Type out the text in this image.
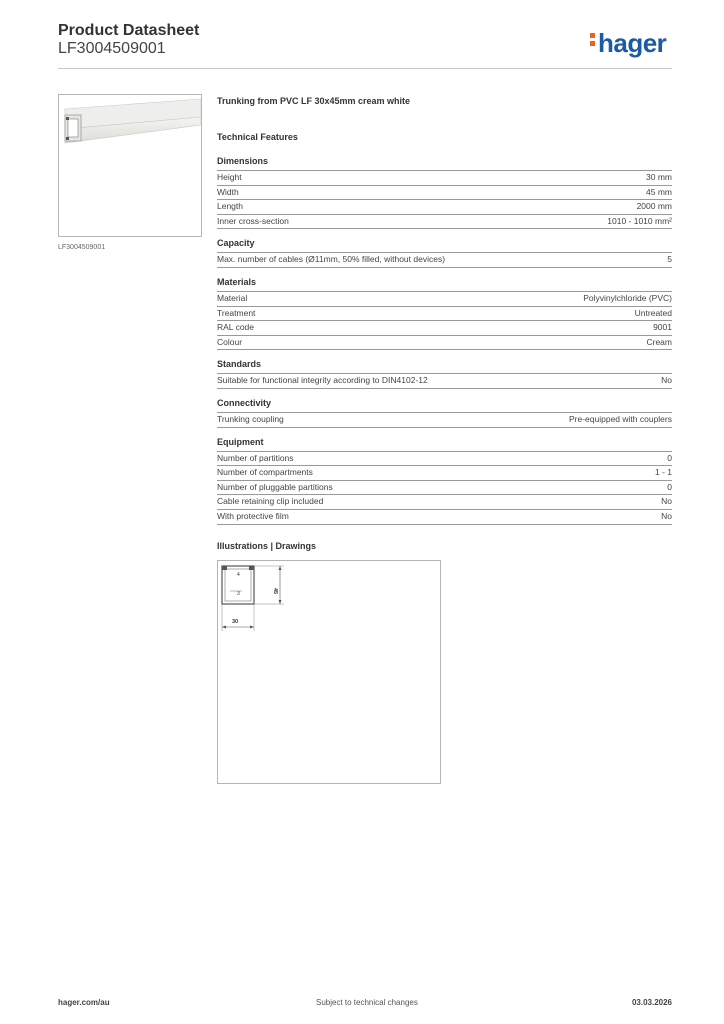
Product Datasheet
LF3004509001	hager
LF3004509001
Trunking from PVC LF 30x45mm cream white
Technical Features
Dimensions
Height	30 mm
Width	45 mm
Length	2000 mm
Inner cross-section	1010 - 1010 mm²
Capacity
Max. number of cables (Ø11mm, 50% filled, without devices)	5
Materials
Material	Polyvinylchloride (PVC)
Treatment	Untreated
RAL code	9001
Colour	Cream
Standards
Suitable for functional integrity according to DIN4102-12	No
Connectivity
Trunking coupling	Pre-equipped with couplers
Equipment
Number of partitions	0
Number of compartments	1 - 1
Number of pluggable partitions	0
Cable retaining clip included	No
With protective film	No
Illustrations | Drawings
4
3	45
30
hager.com/au	Subject to technical changes	03.03.2026
